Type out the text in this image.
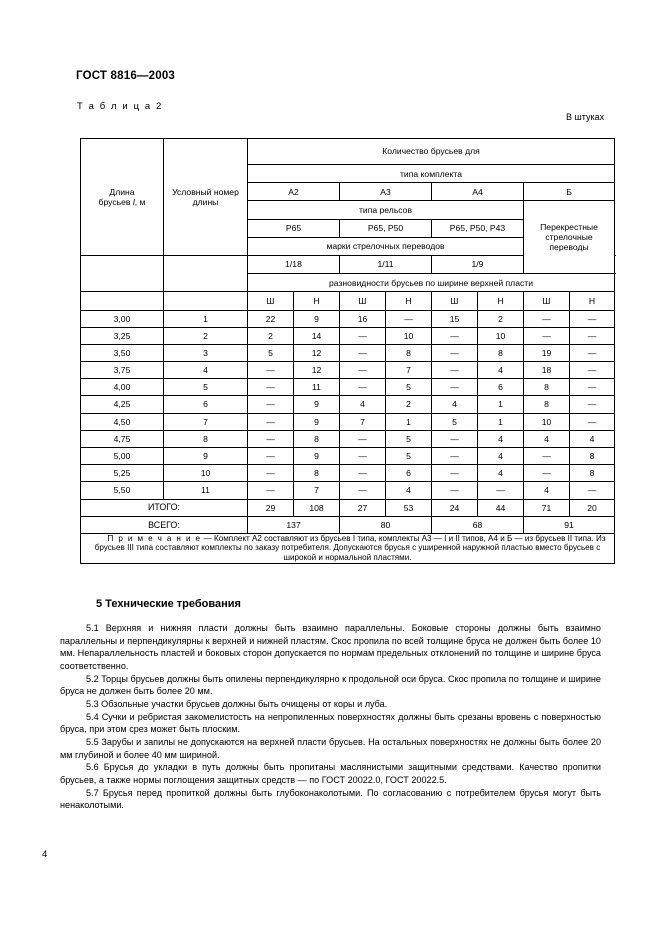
ГОСТ 8816—2003
Т а б л и ц а 2
В штуках
Длина
брусьев l, м	Условный номер
длины	Количество брусьев для								
		типа комплекта								
		А2		А3		А4		Б		
		типа рельсов						Перекрестные
стрелочные
переводы		
		Р65		Р65, Р50		Р65, Р50, Р43				
		марки стрелочных переводов								
		1/18		1/11		1/9				
		разновидности брусьев по ширине верхней пласти								
		Ш	Н	Ш	Н	Ш	Н	Ш	Н	
3,00	1	22	9	16	—	15	2	—	—	
3,25	2	2	14	—	10	—	10	—	—	
3,50	3	5	12	—	8	—	8	19	—	
3,75	4	—	12	—	7	—	4	18	—	
4,00	5	—	11	—	5	—	6	8	—	
4,25	6	—	9	4	2	4	1	8	—	
4,50	7	—	9	7	1	5	1	10	—	
4,75	8	—	8	—	5	—	4	4	4	
5,00	9	—	9	—	5	—	4	—	8	
5,25	10	—	8	—	6	—	4	—	8	
5,50	11	—	7	—	4	—	—	4	—	
ИТОГО:		29	108	27	53	24	44	71	20	
ВСЕГО:		137		80		68		91		
П р и м е ч а н и е — Комплект А2 составляют из брусьев I типа, комплекты А3 — I и II типов, А4 и Б — из брусьев II типа. Из брусьев III типа составляют комплекты по заказу потребителя. Допускаются брусья с уширенной наружной пластью вместо брусьев с широкой и нормальной пластями.										
5 Технические требования

5.1 Верхняя и нижняя пласти должны быть взаимно параллельны. Боковые стороны должны быть взаимно параллельны и перпендикулярны к верхней и нижней пластям. Скос пропила по всей толщине бруса не должен быть более 10 мм. Непараллельность пластей и боковых сторон допускается по нормам предельных отклонений по толщине и ширине бруса соответственно.

5.2 Торцы брусьев должны быть опилены перпендикулярно к продольной оси бруса. Скос пропила по толщине и ширине бруса не должен быть более 20 мм.

5.3 Обзольные участки брусьев должны быть очищены от коры и луба.

5.4 Сучки и ребристая закомелистость на непропиленных поверхностях должны быть срезаны вровень с поверхностью бруса, при этом срез может быть плоским.

5.5 Зарубы и запилы не допускаются на верхней пласти брусьев. На остальных поверхностях не должны быть более 20 мм глубиной и более 40 мм шириной.

5.6 Брусья до укладки в путь должны быть пропитаны маслянистыми защитными средствами. Качество пропитки брусьев, а также нормы поглощения защитных средств — по ГОСТ 20022.0, ГОСТ 20022.5.

5.7 Брусья перед пропиткой должны быть глубоконаколотыми. По согласованию с потребителем брусья могут быть ненаколотыми.

4
